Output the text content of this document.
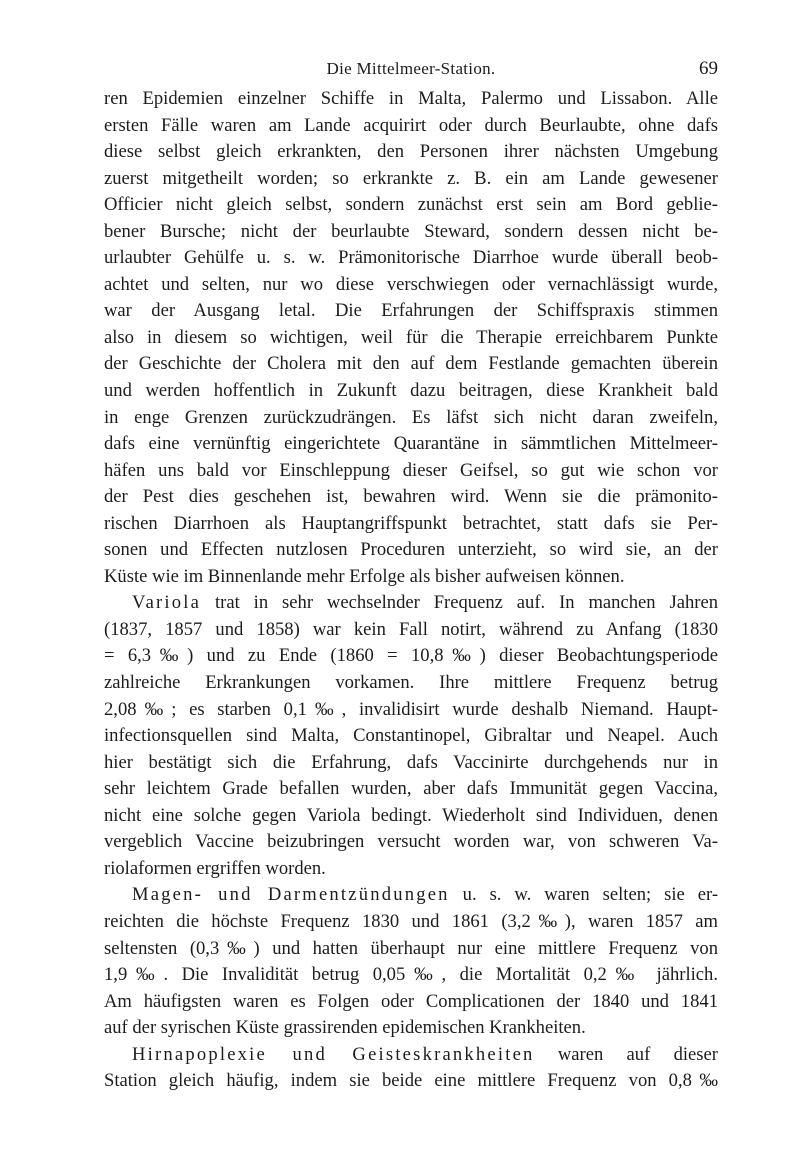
Die Mittelmeer-Station.	69
ren Epidemien einzelner Schiffe in Malta, Palermo und Lissabon. Alle
ersten Fälle waren am Lande acquirirt oder durch Beurlaubte, ohne dafs
diese selbst gleich erkrankten, den Personen ihrer nächsten Umgebung
zuerst mitgetheilt worden; so erkrankte z. B. ein am Lande gewesener
Officier nicht gleich selbst, sondern zunächst erst sein am Bord geblie-
bener Bursche; nicht der beurlaubte Steward, sondern dessen nicht be-
urlaubter Gehülfe u. s. w. Prämonitorische Diarrhoe wurde überall beob-
achtet und selten, nur wo diese verschwiegen oder vernachlässigt wurde,
war der Ausgang letal. Die Erfahrungen der Schiffspraxis stimmen
also in diesem so wichtigen, weil für die Therapie erreichbarem Punkte
der Geschichte der Cholera mit den auf dem Festlande gemachten überein
und werden hoffentlich in Zukunft dazu beitragen, diese Krankheit bald
in enge Grenzen zurückzudrängen. Es läfst sich nicht daran zweifeln,
dafs eine vernünftig eingerichtete Quarantäne in sämmtlichen Mittelmeer-
häfen uns bald vor Einschleppung dieser Geifsel, so gut wie schon vor
der Pest dies geschehen ist, bewahren wird. Wenn sie die prämonito-
rischen Diarrhoen als Hauptangriffspunkt betrachtet, statt dafs sie Per-
sonen und Effecten nutzlosen Proceduren unterzieht, so wird sie, an der
Küste wie im Binnenlande mehr Erfolge als bisher aufweisen können.
Variola trat in sehr wechselnder Frequenz auf. In manchen Jahren
(1837, 1857 und 1858) war kein Fall notirt, während zu Anfang (1830
= 6,3‰) und zu Ende (1860 = 10,8‰) dieser Beobachtungsperiode
zahlreiche Erkrankungen vorkamen. Ihre mittlere Frequenz betrug
2,08‰; es starben 0,1‰, invalidisirt wurde deshalb Niemand. Haupt-
infectionsquellen sind Malta, Constantinopel, Gibraltar und Neapel. Auch
hier bestätigt sich die Erfahrung, dafs Vaccinirte durchgehends nur in
sehr leichtem Grade befallen wurden, aber dafs Immunität gegen Vaccina,
nicht eine solche gegen Variola bedingt. Wiederholt sind Individuen, denen
vergeblich Vaccine beizubringen versucht worden war, von schweren Va-
riolaformen ergriffen worden.
Magen- und Darmentzündungen u. s. w. waren selten; sie er-
reichten die höchste Frequenz 1830 und 1861 (3,2‰), waren 1857 am
seltensten (0,3‰) und hatten überhaupt nur eine mittlere Frequenz von
1,9‰. Die Invalidität betrug 0,05‰, die Mortalität 0,2‰ jährlich.
Am häufigsten waren es Folgen oder Complicationen der 1840 und 1841
auf der syrischen Küste grassirenden epidemischen Krankheiten.
Hirnapoplexie und Geisteskrankheiten waren auf dieser
Station gleich häufig, indem sie beide eine mittlere Frequenz von 0,8‰
